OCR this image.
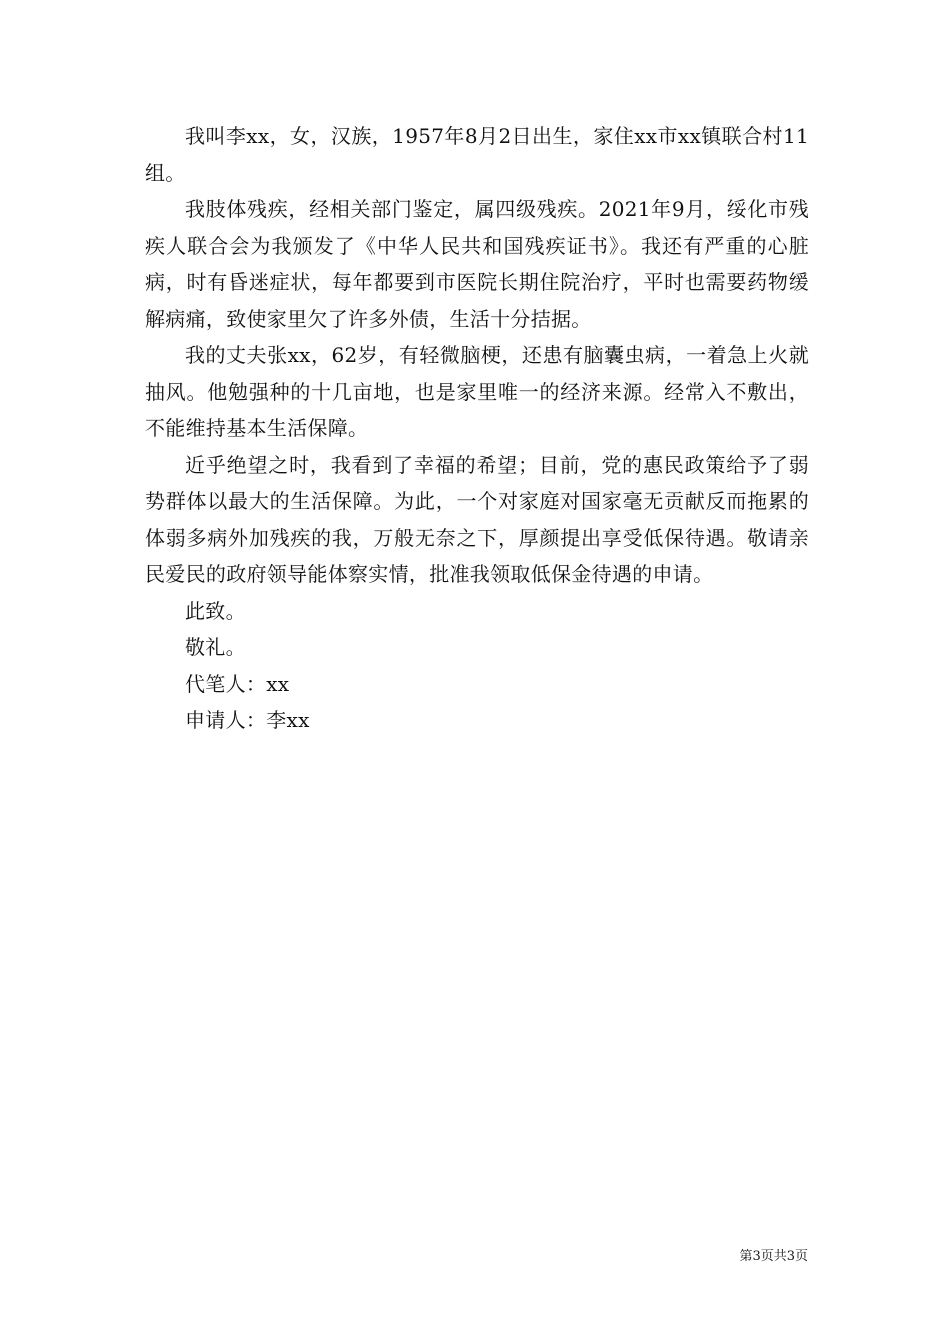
我叫李xx，女，汉族，1957年8月2日出生，家住xx市xx镇联合村11组。

我肢体残疾，经相关部门鉴定，属四级残疾。2021年9月，绥化市残疾人联合会为我颁发了《中华人民共和国残疾证书》。我还有严重的心脏病，时有昏迷症状，每年都要到市医院长期住院治疗，平时也需要药物缓解病痛，致使家里欠了许多外债，生活十分拮据。

我的丈夫张xx，62岁，有轻微脑梗，还患有脑囊虫病，一着急上火就抽风。他勉强种的十几亩地，也是家里唯一的经济来源。经常入不敷出，不能维持基本生活保障。

近乎绝望之时，我看到了幸福的希望；目前，党的惠民政策给予了弱势群体以最大的生活保障。为此，一个对家庭对国家毫无贡献反而拖累的体弱多病外加残疾的我，万般无奈之下，厚颜提出享受低保待遇。敬请亲民爱民的政府领导能体察实情，批准我领取低保金待遇的申请。

此致。

敬礼。

代笔人：xx

申请人：李xx

第3页共3页
